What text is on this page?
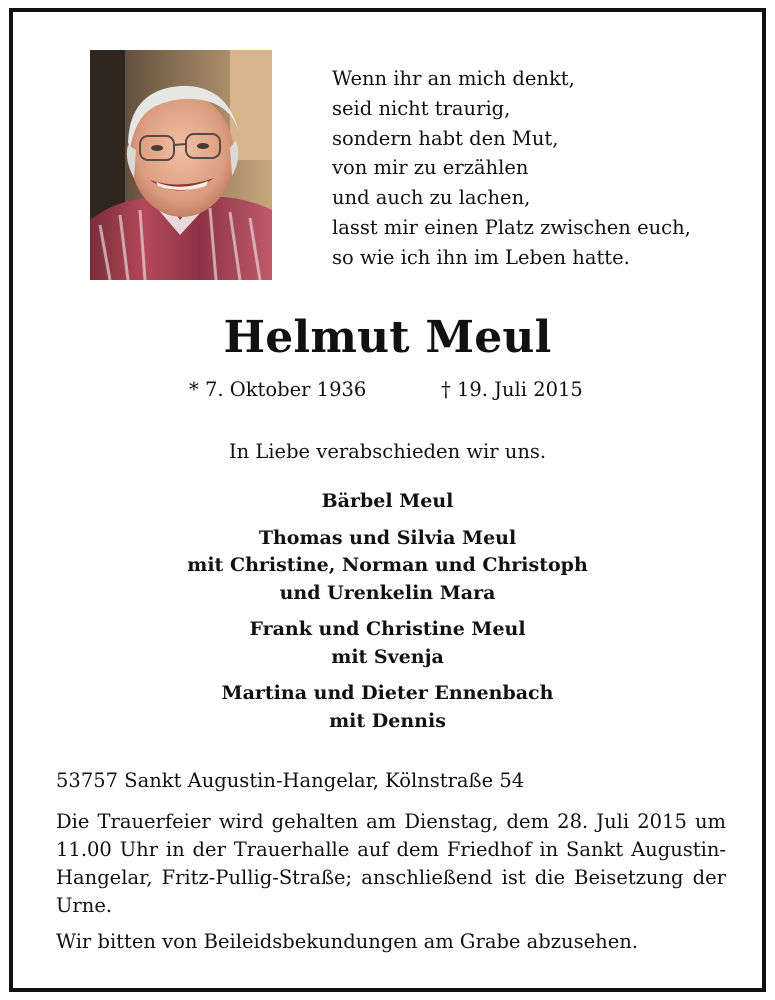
Wenn ihr an mich denkt,
seid nicht traurig,
sondern habt den Mut,
von mir zu erzählen
und auch zu lachen,
lasst mir einen Platz zwischen euch,
so wie ich ihn im Leben hatte.
Helmut Meul
* 7. Oktober 1936	† 19. Juli 2015
In Liebe verabschieden wir uns.
Bärbel Meul
Thomas und Silvia Meul
mit Christine, Norman und Christoph
und Urenkelin Mara
Frank und Christine Meul
mit Svenja
Martina und Dieter Ennenbach
mit Dennis
53757 Sankt Augustin-Hangelar, Kölnstraße 54
Die Trauerfeier wird gehalten am Dienstag, dem 28. Juli 2015 um
11.00 Uhr in der Trauerhalle auf dem Friedhof in Sankt Augustin-
Hangelar, Fritz-Pullig-Straße; anschließend ist die Beisetzung der
Urne.
Wir bitten von Beileidsbekundungen am Grabe abzusehen.
